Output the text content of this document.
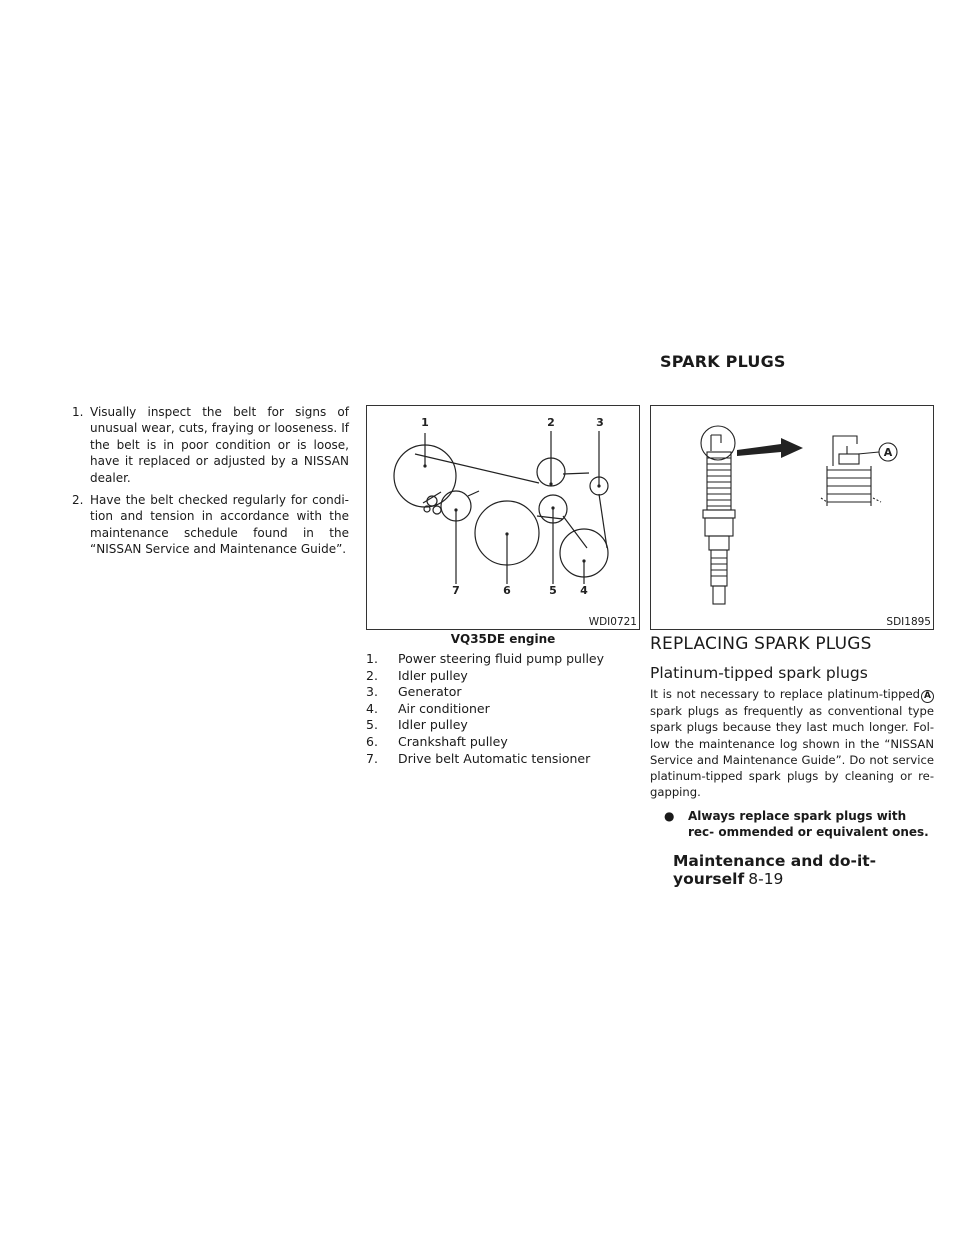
SPARK PLUGS
1. Visually inspect the belt for signs of unusual wear, cuts, fraying or looseness. If the belt is in poor condition or is loose, have it replaced or adjusted by a NISSAN dealer.
2. Have the belt checked regularly for condi- tion and tension in accordance with the maintenance schedule found in the “NISSAN Service and Maintenance Guide”.
1	2	3
4
5
6
7
WDI0721
VQ35DE engine
1.	Power steering fluid pump pulley
2.	Idler pulley
3.	Generator
4.	Air conditioner
5.	Idler pulley
6.	Crankshaft pulley
7.	Drive belt Automatic tensioner
A
SDI1895
REPLACING SPARK PLUGS
Platinum-tipped spark plugs
It is not necessary to replace platinum-tipped A spark plugs as frequently as conventional type spark plugs because they last much longer. Fol- low the maintenance log shown in the “NISSAN Service and Maintenance Guide”. Do not service platinum-tipped spark plugs by cleaning or re- gapping.
●	Always replace spark plugs with rec- ommended or equivalent ones.
Maintenance and do-it-yourself 8-19
